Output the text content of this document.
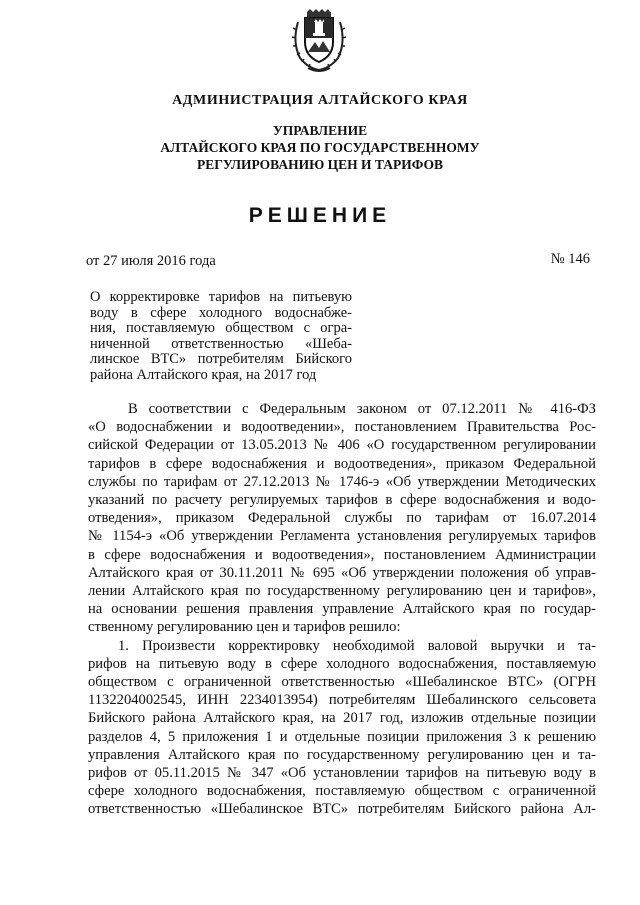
АДМИНИСТРАЦИЯ АЛТАЙСКОГО КРАЯ
УПРАВЛЕНИЕ
АЛТАЙСКОГО КРАЯ ПО ГОСУДАРСТВЕННОМУ
РЕГУЛИРОВАНИЮ ЦЕН И ТАРИФОВ
РЕШЕНИЕ
от 27 июля 2016 года	№ 146
О корректировке тарифов на питьевую
воду в сфере холодного водоснабже-
ния, поставляемую обществом с огра-
ниченной ответственностью «Шеба-
линское ВТС» потребителям Бийского
района Алтайского края, на 2017 год
В соответствии с Федеральным законом от 07.12.2011 № 416-ФЗ
«О водоснабжении и водоотведении», постановлением Правительства Рос-
сийской Федерации от 13.05.2013 № 406 «О государственном регулировании
тарифов в сфере водоснабжения и водоотведения», приказом Федеральной
службы по тарифам от 27.12.2013 № 1746-э «Об утверждении Методических
указаний по расчету регулируемых тарифов в сфере водоснабжения и водо-
отведения», приказом Федеральной службы по тарифам от 16.07.2014
№ 1154-э «Об утверждении Регламента установления регулируемых тарифов
в сфере водоснабжения и водоотведения», постановлением Администрации
Алтайского края от 30.11.2011 № 695 «Об утверждении положения об управ-
лении Алтайского края по государственному регулированию цен и тарифов»,
на основании решения правления управление Алтайского края по государ-
ственному регулированию цен и тарифов решило:
1. Произвести корректировку необходимой валовой выручки и та-
рифов на питьевую воду в сфере холодного водоснабжения, поставляемую
обществом с ограниченной ответственностью «Шебалинское ВТС» (ОГРН
1132204002545, ИНН 2234013954) потребителям Шебалинского сельсовета
Бийского района Алтайского края, на 2017 год, изложив отдельные позиции
разделов 4, 5 приложения 1 и отдельные позиции приложения 3 к решению
управления Алтайского края по государственному регулированию цен и та-
рифов от 05.11.2015 № 347 «Об установлении тарифов на питьевую воду в
сфере холодного водоснабжения, поставляемую обществом с ограниченной
ответственностью «Шебалинское ВТС» потребителям Бийского района Ал-
